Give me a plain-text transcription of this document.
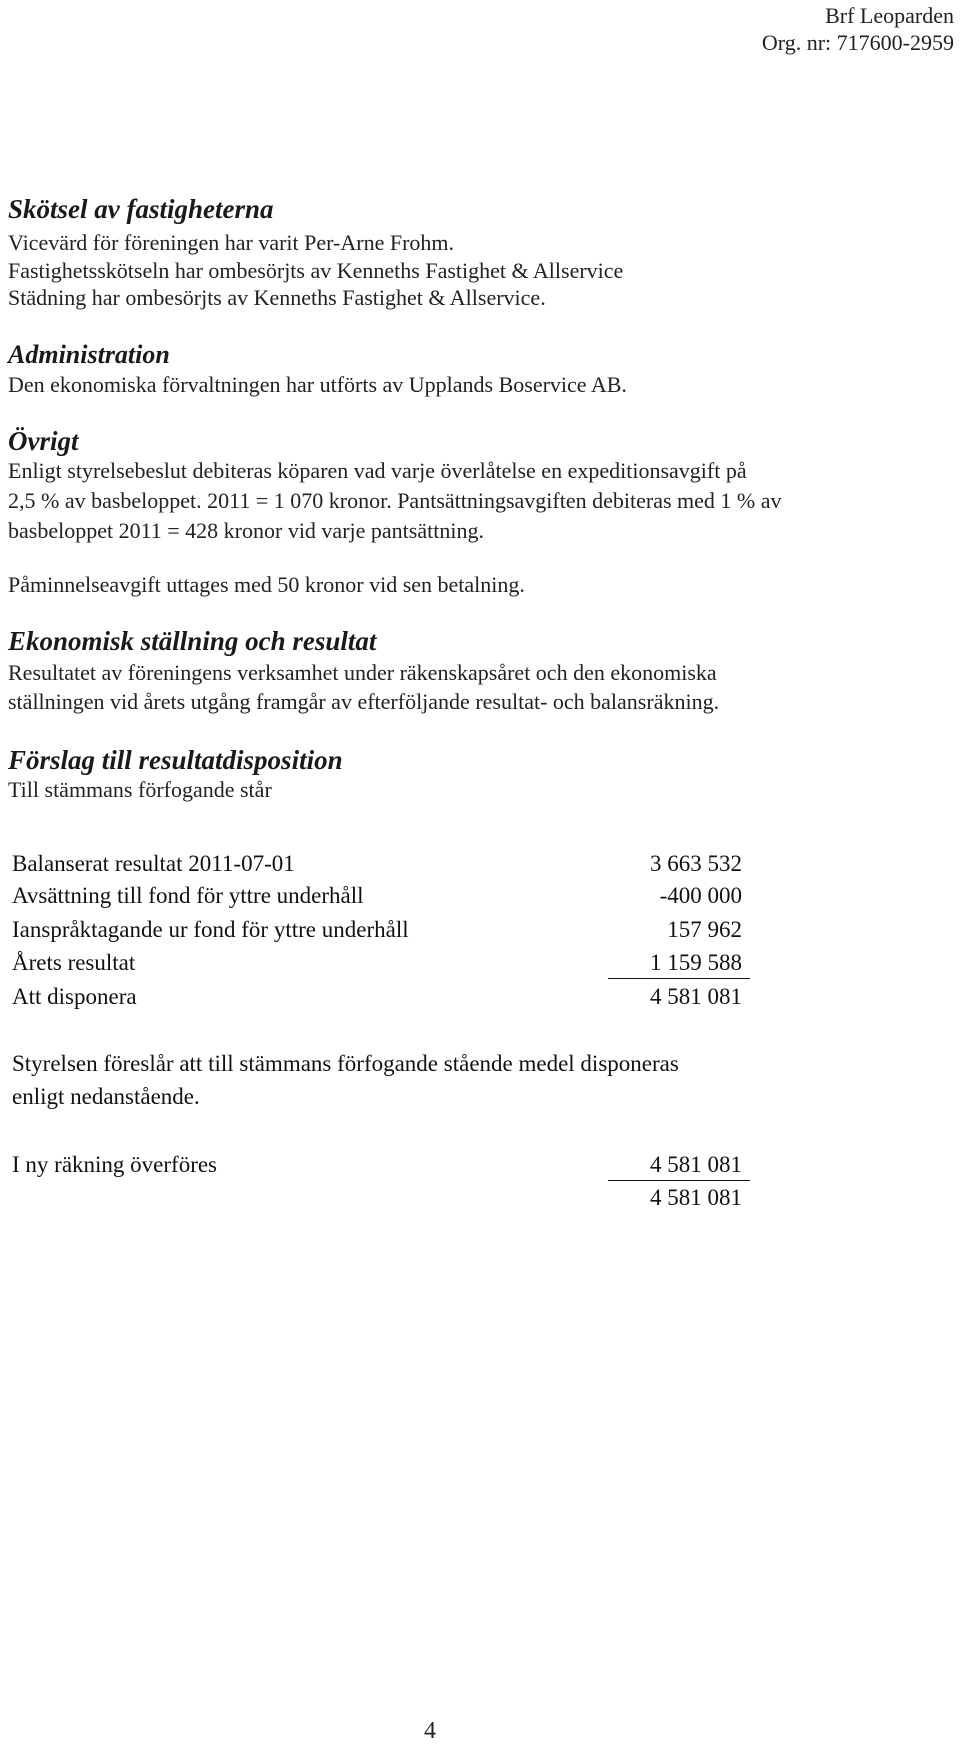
Brf Leoparden
Org. nr: 717600-2959
Skötsel av fastigheterna
Vicevärd för föreningen har varit Per-Arne Frohm.
Fastighetsskötseln har ombesörjts av Kenneths Fastighet & Allservice
Städning har ombesörjts av Kenneths Fastighet & Allservice.
Administration
Den ekonomiska förvaltningen har utförts av Upplands Boservice AB.
Övrigt
Enligt styrelsebeslut debiteras köparen vad varje överlåtelse en expeditionsavgift på
2,5 % av basbeloppet. 2011 = 1 070 kronor. Pantsättningsavgiften debiteras med 1 % av
basbeloppet 2011 = 428 kronor vid varje pantsättning.
Påminnelseavgift uttages med 50 kronor vid sen betalning.
Ekonomisk ställning och resultat
Resultatet av föreningens verksamhet under räkenskapsåret och den ekonomiska
ställningen vid årets utgång framgår av efterföljande resultat- och balansräkning.
Förslag till resultatdisposition
Till stämmans förfogande står
Balanserat resultat 2011-07-01	3 663 532
Avsättning till fond för yttre underhåll	-400 000
Ianspråktagande ur fond för yttre underhåll	157 962
Årets resultat	1 159 588
Att disponera	4 581 081
Styrelsen föreslår att till stämmans förfogande stående medel disponeras
enligt nedanstående.
I ny räkning överföres	4 581 081
4 581 081
4
